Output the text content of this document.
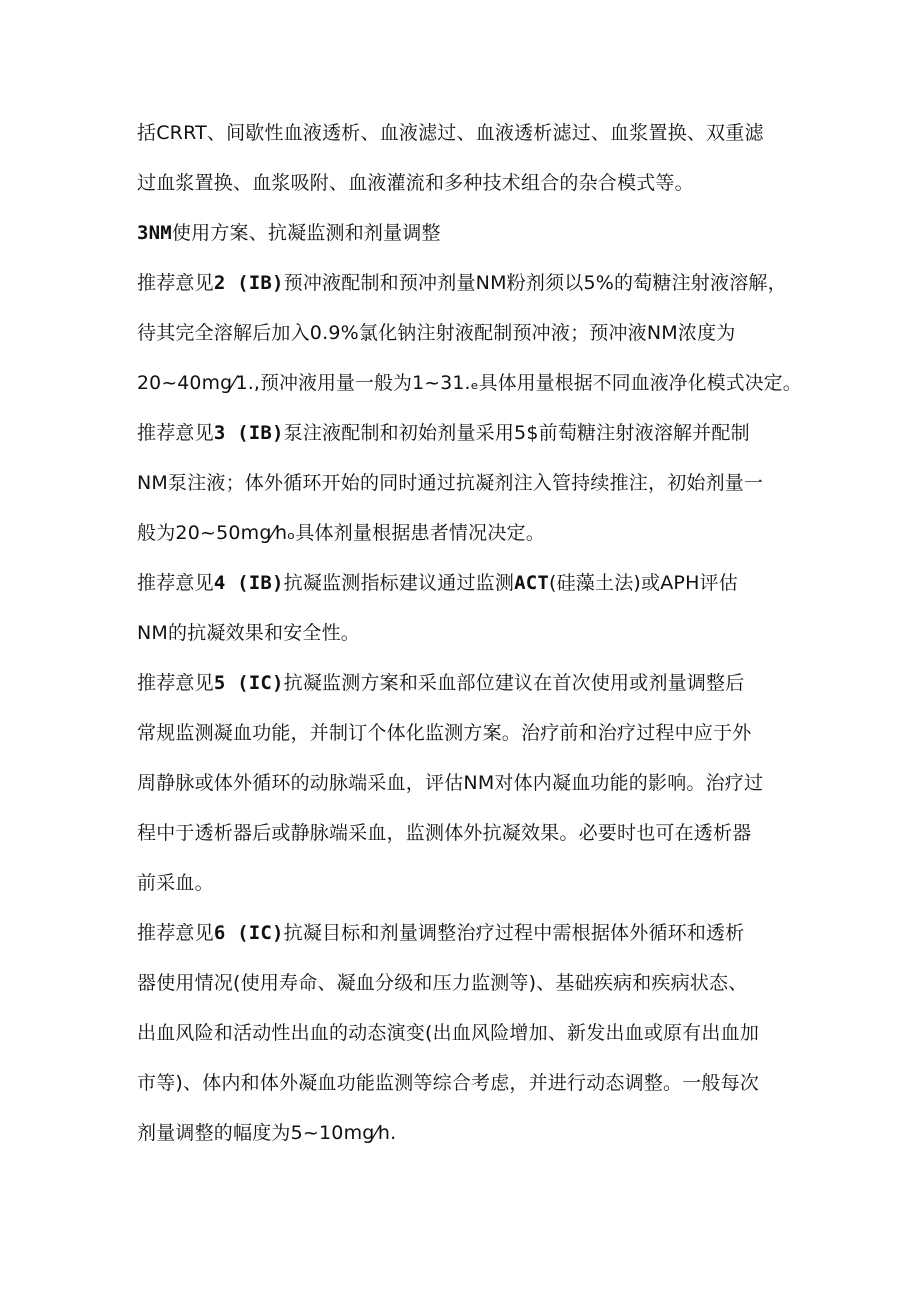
括CRRT、间歇性血液透析、血液滤过、血液透析滤过、血浆置换、双重滤
过血浆置换、血浆吸附、血液灌流和多种技术组合的杂合模式等。
3NM使用方案、抗凝监测和剂量调整
推荐意见2 (IB)预冲液配制和预冲剂量NM粉剂须以5%的萄糖注射液溶解，
待其完全溶解后加入0.9%氯化钠注射液配制预冲液；预冲液NM浓度为
20~40mg⁄1.,预冲液用量一般为1~31.ₑ具体用量根据不同血液净化模式决定。
推荐意见3 (IB)泵注液配制和初始剂量采用5$前萄糖注射液溶解并配制
NM泵注液；体外循环开始的同时通过抗凝剂注入管持续推注，初始剂量一
般为20~50mg⁄hₒ具体剂量根据患者情况决定。
推荐意见4 (IB)抗凝监测指标建议通过监测ACT(硅藻土法)或APH评估
NM的抗凝效果和安全性。
推荐意见5 (IC)抗凝监测方案和采血部位建议在首次使用或剂量调整后
常规监测凝血功能，并制订个体化监测方案。治疗前和治疗过程中应于外
周静脉或体外循环的动脉端采血，评估NM对体内凝血功能的影响。治疗过
程中于透析器后或静脉端采血，监测体外抗凝效果。必要时也可在透析器
前采血。
推荐意见6 (IC)抗凝目标和剂量调整治疗过程中需根据体外循环和透析
器使用情况(使用寿命、凝血分级和压力监测等)、基础疾病和疾病状态、
出血风险和活动性出血的动态演变(出血风险增加、新发出血或原有出血加
市等)、体内和体外凝血功能监测等综合考虑，并进行动态调整。一般每次
剂量调整的幅度为5~10mg⁄h.
